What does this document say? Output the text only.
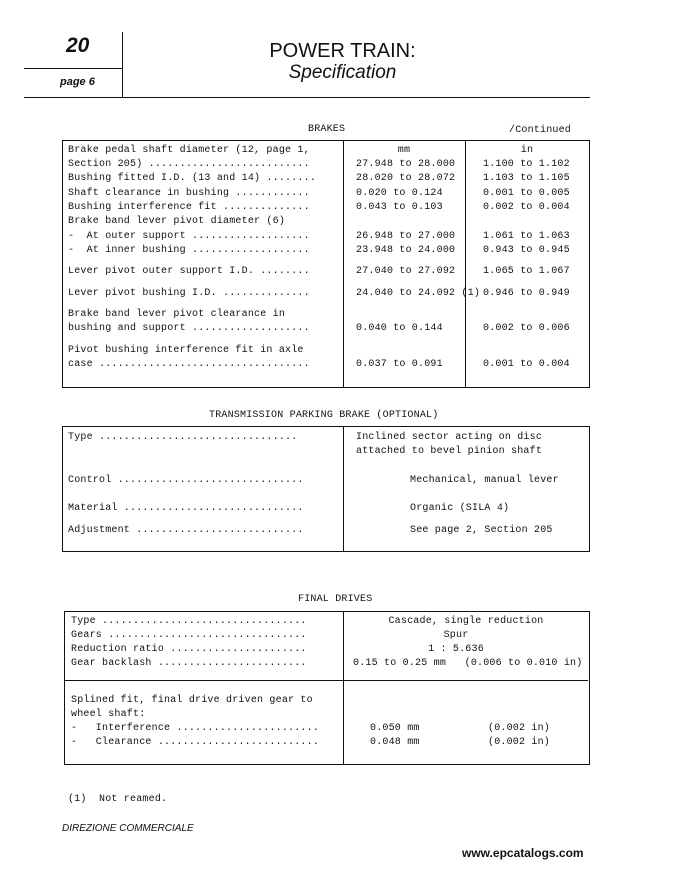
20
page 6
POWER TRAIN:
Specification
BRAKES	/Continued
mm	in
Brake pedal shaft diameter (12, page 1,
Section 205) ..........................	27.948 to 28.000	1.100 to 1.102
Bushing fitted I.D. (13 and 14) ........	28.020 to 28.072	1.103 to 1.105
Shaft clearance in bushing ............	0.020 to 0.124	0.001 to 0.005
Bushing interference fit ..............	0.043 to 0.103	0.002 to 0.004
Brake band lever pivot diameter (6)
-  At outer support ...................	26.948 to 27.000	1.061 to 1.063
-  At inner bushing ...................	23.948 to 24.000	0.943 to 0.945
Lever pivot outer support I.D. ........	27.040 to 27.092	1.065 to 1.067
Lever pivot bushing I.D. ..............	24.040 to 24.092 (1) 0.946 to 0.949
Brake band lever pivot clearance in
bushing and support ...................	0.040 to 0.144	0.002 to 0.006
Pivot bushing interference fit in axle
case ..................................	0.037 to 0.091	0.001 to 0.004
TRANSMISSION PARKING BRAKE (OPTIONAL)
Type ................................	Inclined sector acting on disc
attached to bevel pinion shaft
Control ..............................	Mechanical, manual lever
Material .............................	Organic (SILA 4)
Adjustment ...........................	See page 2, Section 205
FINAL DRIVES
Type .................................	Cascade, single reduction
Gears ................................	Spur
Reduction ratio ......................	1 : 5.636
Gear backlash ........................	0.15 to 0.25 mm   (0.006 to 0.010 in)
Splined fit, final drive driven gear to
wheel shaft:
-   Interference .......................	0.050 mm	(0.002 in)
-   Clearance ..........................	0.048 mm	(0.002 in)
(1)  Not reamed.
DIREZIONE COMMERCIALE
www.epcatalogs.com
